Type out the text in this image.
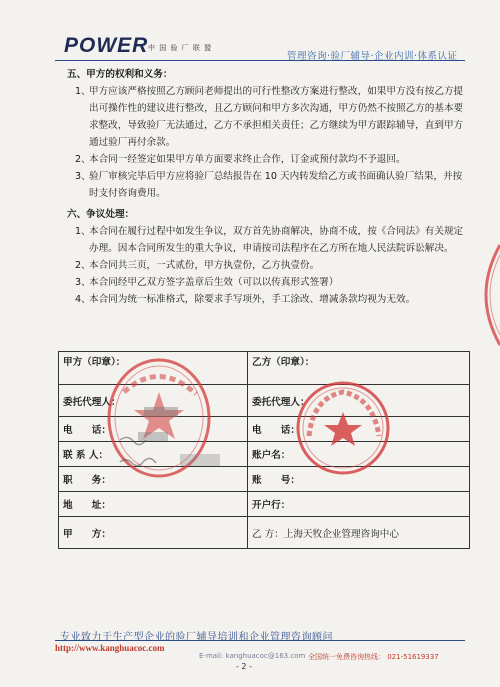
POWER 中 国 验 厂 联 盟
管理咨询·验厂辅导·企业内训·体系认证
五、甲方的权利和义务：
1、
甲方应该严格按照乙方顾问老师提出的可行性整改方案进行整改，如果甲方没有按乙方提出可操作性的建议进行整改，且乙方顾问和甲方多次沟通，甲方仍然不按照乙方的基本要求整改，导致验厂无法通过，乙方不承担相关责任；乙方继续为甲方跟踪辅导，直到甲方通过验厂再付余款。
2、
本合同一经签定如果甲方单方面要求终止合作，订金或预付款均不予退回。
3、
验厂审核完毕后甲方应将验厂总结报告在 10 天内转发给乙方或书面确认验厂结果，并按时支付咨询费用。
六、争议处理：
1、
本合同在履行过程中如发生争议，双方首先协商解决，协商不成，按《合同法》有关规定办理。因本合同所发生的重大争议，申请按司法程序在乙方所在地人民法院诉讼解决。
2、
本合同共三页，一式贰份，甲方执壹份，乙方执壹份。
3、
本合同经甲乙双方签字盖章后生效（可以以传真形式签署）
4、
本合同为统一标准格式，除要求手写项外，手工涂改、增减条款均视为无效。
甲方（印章）：	乙方（印章）：
委托代理人：	委托代理人：
电　　话：	电　　话：
联 系 人：	账户名：
职　　务：	账　　号：
地　　址：	开户行：
甲　　方：	乙 方：上海天牧企业管理咨询中心
专业致力于生产型企业的验厂辅导培训和企业管理咨询顾问
http://www.kanghuacoc.com
E-mail: kanghuacoc@163.com 全国统一免费咨询热线： 021-51619337
- 2 -
